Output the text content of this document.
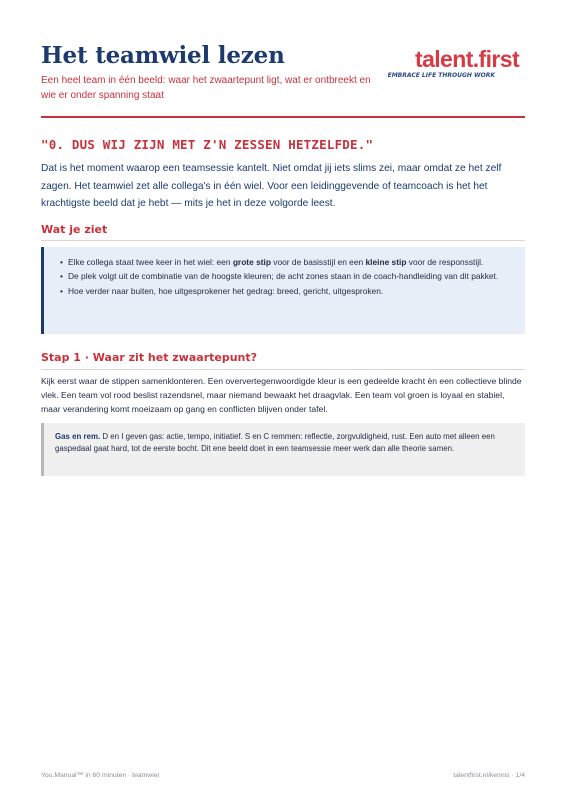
Het teamwiel lezen
Een heel team in één beeld: waar het zwaartepunt ligt, wat er ontbreekt en wie er onder spanning staat
talent.first
EMBRACE LIFE THROUGH WORK
"0. DUS WIJ ZIJN MET Z'N ZESSEN HETZELFDE."

Dat is het moment waarop een teamsessie kantelt. Niet omdat jij iets slims zei, maar omdat ze het zelf zagen. Het teamwiel zet alle collega's in één wiel. Voor een leidinggevende of teamcoach is het het krachtigste beeld dat je hebt — mits je het in deze volgorde leest.

Wat je ziet
• Elke collega staat twee keer in het wiel: een grote stip voor de basisstijl en een kleine stip voor de responsstijl.
• De plek volgt uit de combinatie van de hoogste kleuren; de acht zones staan in de coach-handleiding van dit pakket.
• Hoe verder naar buiten, hoe uitgesprokener het gedrag: breed, gericht, uitgesproken.
Stap 1 · Waar zit het zwaartepunt?

Kijk eerst waar de stippen samenklonteren. Een oververtegenwoordigde kleur is een gedeelde kracht èn een collectieve blinde vlek. Een team vol rood beslist razendsnel, maar niemand bewaakt het draagvlak. Een team vol groen is loyaal en stabiel, maar verandering komt moeizaam op gang en conflicten blijven onder tafel.

Gas en rem. D en I geven gas: actie, tempo, initiatief. S en C remmen: reflectie, zorgvuldigheid, rust. Een auto met alleen een gaspedaal gaat hard, tot de eerste bocht. Dit ene beeld doet in een teamsessie meer werk dan alle theorie samen.

You.Manual™ in 60 minuten · teamwiel	talentfirst.nl/kennis · 1/4
